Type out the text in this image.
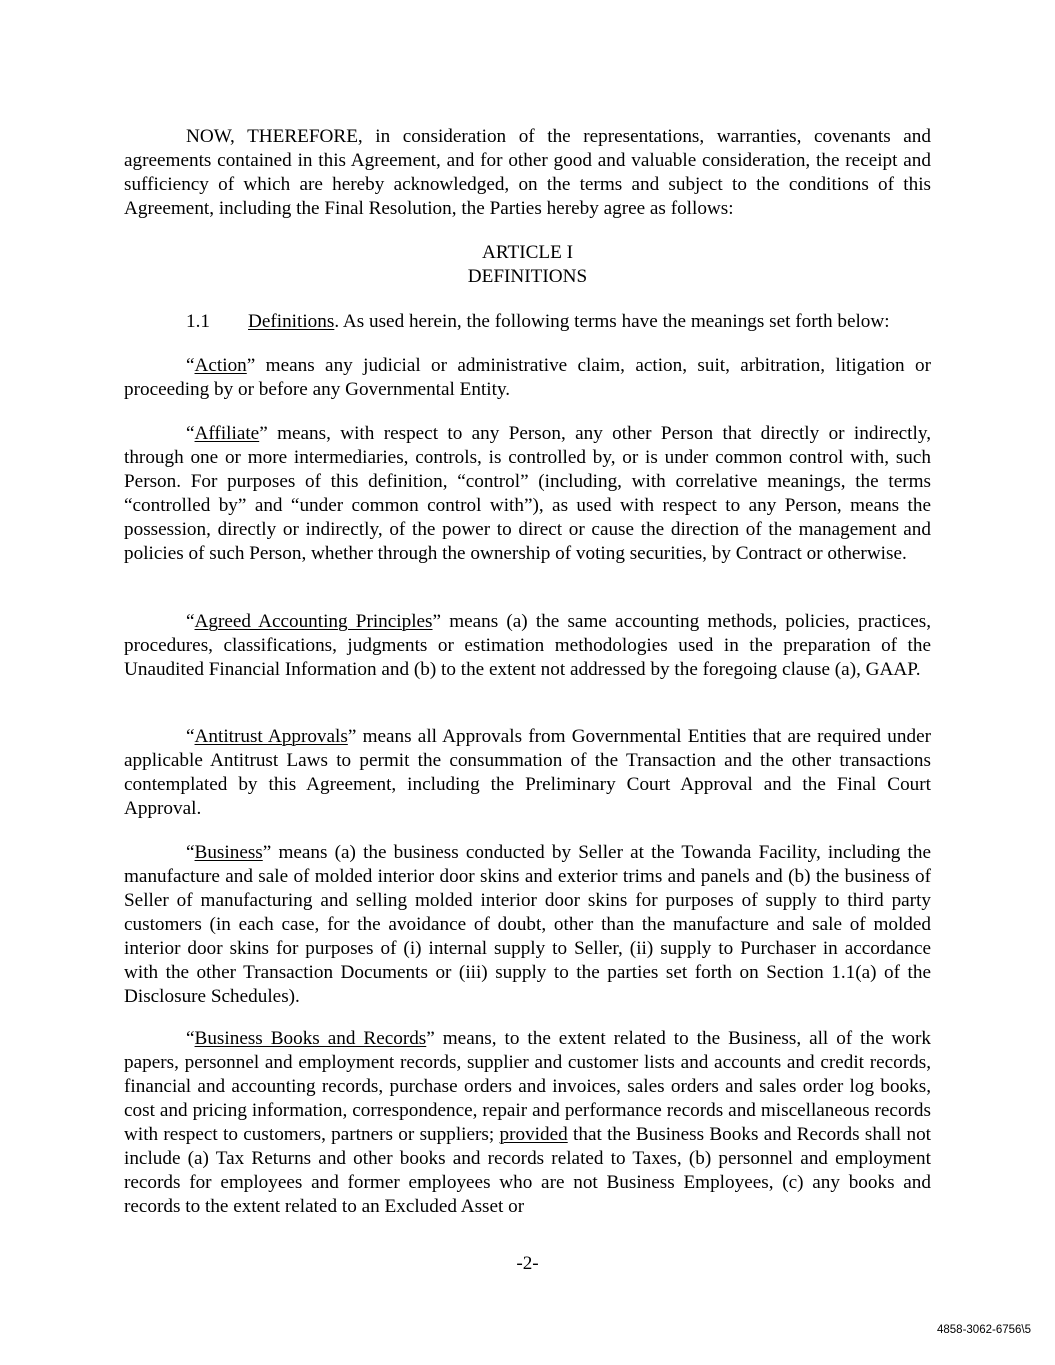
NOW, THEREFORE, in consideration of the representations, warranties, covenants and agreements contained in this Agreement, and for other good and valuable consideration, the receipt and sufficiency of which are hereby acknowledged, on the terms and subject to the conditions of this Agreement, including the Final Resolution, the Parties hereby agree as follows:

ARTICLE I
DEFINITIONS

1.1 Definitions. As used herein, the following terms have the meanings set forth below:

“Action” means any judicial or administrative claim, action, suit, arbitration, litigation or proceeding by or before any Governmental Entity.

“Affiliate” means, with respect to any Person, any other Person that directly or indirectly, through one or more intermediaries, controls, is controlled by, or is under common control with, such Person. For purposes of this definition, “control” (including, with correlative meanings, the terms “controlled by” and “under common control with”), as used with respect to any Person, means the possession, directly or indirectly, of the power to direct or cause the direction of the management and policies of such Person, whether through the ownership of voting securities, by Contract or otherwise.

“Agreed Accounting Principles” means (a) the same accounting methods, policies, practices, procedures, classifications, judgments or estimation methodologies used in the preparation of the Unaudited Financial Information and (b) to the extent not addressed by the foregoing clause (a), GAAP.

“Antitrust Approvals” means all Approvals from Governmental Entities that are required under applicable Antitrust Laws to permit the consummation of the Transaction and the other transactions contemplated by this Agreement, including the Preliminary Court Approval and the Final Court Approval.

“Business” means (a) the business conducted by Seller at the Towanda Facility, including the manufacture and sale of molded interior door skins and exterior trims and panels and (b) the business of Seller of manufacturing and selling molded interior door skins for purposes of supply to third party customers (in each case, for the avoidance of doubt, other than the manufacture and sale of molded interior door skins for purposes of (i) internal supply to Seller, (ii) supply to Purchaser in accordance with the other Transaction Documents or (iii) supply to the parties set forth on Section 1.1(a) of the Disclosure Schedules).

“Business Books and Records” means, to the extent related to the Business, all of the work papers, personnel and employment records, supplier and customer lists and accounts and credit records, financial and accounting records, purchase orders and invoices, sales orders and sales order log books, cost and pricing information, correspondence, repair and performance records and miscellaneous records with respect to customers, partners or suppliers; provided that the Business Books and Records shall not include (a) Tax Returns and other books and records related to Taxes, (b) personnel and employment records for employees and former employees who are not Business Employees, (c) any books and records to the extent related to an Excluded Asset or

-2-
4858-3062-6756\5
